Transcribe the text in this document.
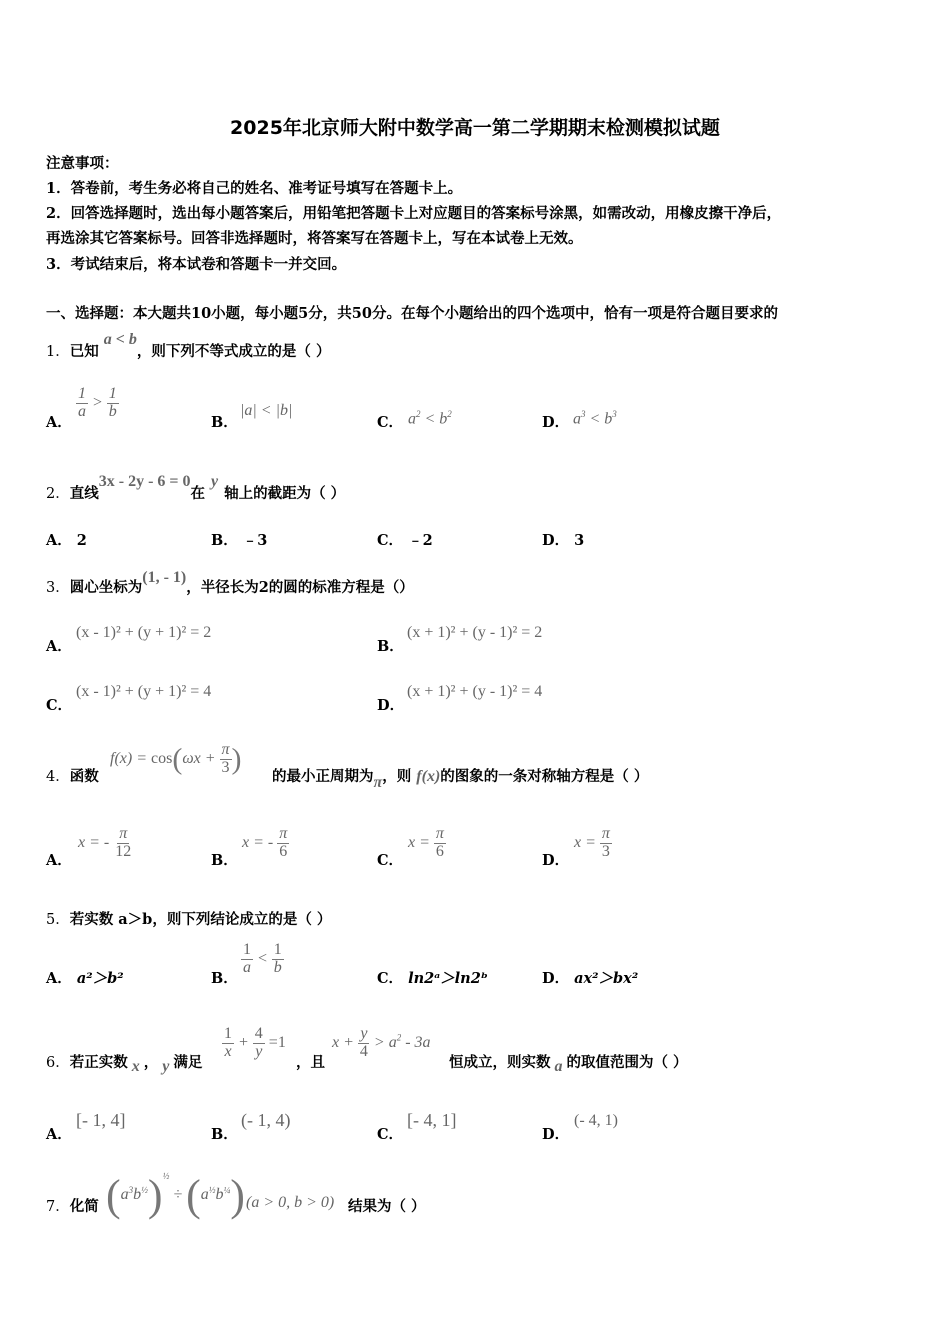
2025年北京师大附中数学高一第二学期期末检测模拟试题
注意事项：
1．答卷前，考生务必将自己的姓名、准考证号填写在答题卡上。
2．回答选择题时，选出每小题答案后，用铅笔把答题卡上对应题目的答案标号涂黑，如需改动，用橡皮擦干净后，
再选涂其它答案标号。回答非选择题时，将答案写在答题卡上，写在本试卷上无效。
3．考试结束后，将本试卷和答题卡一并交回。
一、选择题：本大题共10小题，每小题5分，共50分。在每个小题给出的四个选项中，恰有一项是符合题目要求的
1．已知 a < b，则下列不等式成立的是（ ）
A．
$\frac{1}{a} > \frac{1}{b}$
B．
|a| < |b|
C． $a^2 < b^2$	D． $a^3 < b^3$
2．直线3x - 2y - 6 = 0在y轴上的截距为（ ）
A． 2	B． ﹣3	C． ﹣2	D． 3
3．圆心坐标为(1, - 1)，半径长为2的圆的标准方程是（）
A．
(x - 1)² + (y + 1)² = 2
B．
(x + 1)² + (y - 1)² = 2
C．
(x - 1)² + (y + 1)² = 4
D．
(x + 1)² + (y - 1)² = 4
4．函数
$f(x) = \cos(\omega x + \frac{\pi}{3}$ )
的最小正周期为π，则 f(x)的图象的一条对称轴方程是（ ）
A．
x = - $\frac{\pi}{12}$	B．
x = - $\frac{\pi}{6}$	C．
$x = \frac{\pi}{6}$	D．
$x = \frac{\pi}{3}$
5．若实数 a＞b，则下列结论成立的是（ ）
A． a²＞b²	B．
$\frac{1}{a} < \frac{1}{b}$
C． ln2ᵃ＞ln2ᵇ	D． ax²＞bx²
6．若正实数 x ， y 满足
$\frac{1}{x} + \frac{4}{y} =1$
，且
$x + \frac{y}{4} > a^2 - 3a$
恒成立，则实数 a 的取值范围为（ ）
A．
[- 1, 4]
B．
(- 1, 4)
C．
[- 4, 1]
D．
(- 4, 1)
7．化简 $(a^3b^{\frac{1}{2}})^{\frac{1}{2}} \div (a^{\frac{1}{2}}b^{\frac{1}{4}}) (a > 0$, b > 0) 结果为（ ）
